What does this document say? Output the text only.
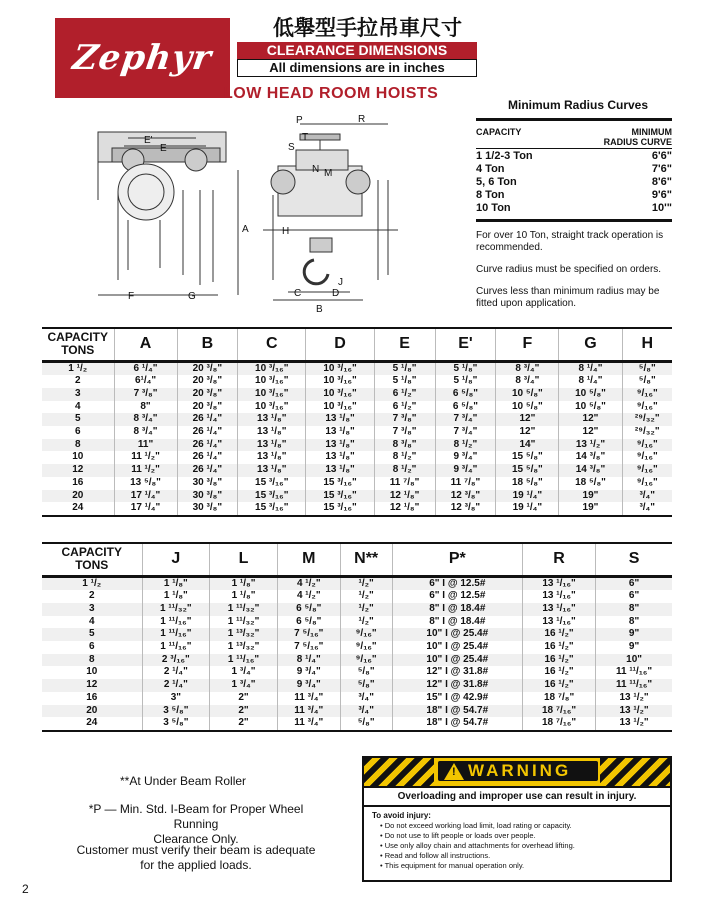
Zephyr
低舉型手拉吊車尺寸
CLEARANCE DIMENSIONS
All dimensions are in inches
LOW HEAD ROOM HOISTS
E'
E
A
F	G
P	R
T
S
N M
H
J
C	D
B
Minimum Radius Curves
CAPACITY	MINIMUM
RADIUS CURVE
1 1/2-3 Ton	6'6"
4 Ton	7'6"
5, 6 Ton	8'6"
8 Ton	9'6"
10 Ton	10'"

For over 10 Ton, straight track operation is recommended.

Curve radius must be specified on orders.

Curves less than minimum radius may be fitted upon application.

CAPACITY
TONS	A	B	C	D	E	E'	F	G	H
1 ¹/₂	6 ¹/₄"	20 ³/₈"	10 ³/₁₆"	10 ³/₁₆"	5 ¹/₈"	5 ¹/₈"	8 ³/₄"	8 ¹/₄"	⁵/₈"
2	6¹/₄"	20 ³/₈"	10 ³/₁₆"	10 ³/₁₆"	5 ¹/₈"	5 ¹/₈"	8 ³/₄"	8 ¹/₄"	⁵/₈"
3	7 ³/₈"	20 ³/₈"	10 ³/₁₆"	10 ³/₁₆"	6 ¹/₂"	6 ⁵/₈"	10 ⁵/₈"	10 ⁵/₈"	⁹/₁₆"
4	8"	20 ³/₈"	10 ³/₁₆"	10 ³/₁₆"	6 ¹/₂"	6 ⁵/₈"	10 ⁵/₈"	10 ⁵/₈"	⁹/₁₆"
5	8 ³/₄"	26 ¹/₄"	13 ¹/₈"	13 ¹/₈"	7 ³/₈"	7 ³/₄"	12"	12"	²⁹/₃₂"
6	8 ³/₄"	26 ¹/₄"	13 ¹/₈"	13 ¹/₈"	7 ³/₈"	7 ³/₄"	12"	12"	²⁹/₃₂"
8	11"	26 ¹/₄"	13 ¹/₈"	13 ¹/₈"	8 ³/₈"	8 ¹/₂"	14"	13 ¹/₂"	⁹/₁₆"
10	11 ¹/₂"	26 ¹/₄"	13 ¹/₈"	13 ¹/₈"	8 ¹/₂"	9 ³/₄"	15 ⁵/₈"	14 ³/₈"	⁹/₁₆"
12	11 ¹/₂"	26 ¹/₄"	13 ¹/₈"	13 ¹/₈"	8 ¹/₂"	9 ³/₄"	15 ⁵/₈"	14 ³/₈"	⁹/₁₆"
16	13 ⁵/₈"	30 ³/₈"	15 ³/₁₆"	15 ³/₁₆"	11 ⁷/₈"	11 ⁷/₈"	18 ⁵/₈"	18 ⁵/₈"	⁹/₁₆"
20	17 ¹/₄"	30 ³/₈"	15 ³/₁₆"	15 ³/₁₆"	12 ¹/₈"	12 ³/₈"	19 ¹/₄"	19"	³/₄"
24	17 ¹/₄"	30 ³/₈"	15 ³/₁₆"	15 ³/₁₆"	12 ¹/₈"	12 ³/₈"	19 ¹/₄"	19"	³/₄"
CAPACITY
TONS	J	L	M	N**	P*	R	S
1 ¹/₂	1 ¹/₈"	1 ¹/₈"	4 ¹/₂"	¹/₂"	6" I @ 12.5#	13 ¹/₁₆"	6"
2	1 ¹/₈"	1 ¹/₈"	4 ¹/₂"	¹/₂"	6" I @ 12.5#	13 ¹/₁₆"	6"
3	1 ¹¹/₃₂"	1 ¹¹/₃₂"	6 ⁵/₈"	¹/₂"	8" I @ 18.4#	13 ¹/₁₆"	8"
4	1 ¹¹/₁₆"	1 ¹¹/₃₂"	6 ⁵/₈"	¹/₂"	8" I @ 18.4#	13 ¹/₁₆"	8"
5	1 ¹¹/₁₆"	1 ¹³/₃₂"	7 ⁵/₁₆"	⁹/₁₆"	10" I @ 25.4#	16 ¹/₂"	9"
6	1 ¹¹/₁₆"	1 ¹³/₃₂"	7 ⁵/₁₆"	⁹/₁₆"	10" I @ 25.4#	16 ¹/₂"	9"
8	2 ³/₁₆"	1 ¹¹/₁₆"	8 ¹/₄"	⁹/₁₆"	10" I @ 25.4#	16 ¹/₂"	10"
10	2 ¹/₄"	1 ³/₄"	9 ³/₄"	⁵/₈"	12" I @ 31.8#	16 ¹/₂"	11 ¹¹/₁₆"
12	2 ¹/₄"	1 ³/₄"	9 ³/₄"	⁵/₈"	12" I @ 31.8#	16 ¹/₂"	11 ¹¹/₁₆"
16	3"	2"	11 ³/₄"	³/₄"	15" I @ 42.9#	18 ⁷/₈"	13 ¹/₂"
20	3 ⁵/₈"	2"	11 ³/₄"	³/₄"	18" I @ 54.7#	18 ⁷/₁₆"	13 ¹/₂"
24	3 ⁵/₈"	2"	11 ³/₄"	⁵/₈"	18" I @ 54.7#	18 ⁷/₁₆"	13 ¹/₂"
**At Under Beam Roller
*P — Min. Std. I-Beam for Proper Wheel Running
Clearance Only.
Customer must verify their beam is adequate
for the applied loads.
! WARNING
Overloading and improper use can result in injury.
To avoid injury:
• Do not exceed working load limit, load rating or capacity.
• Do not use to lift people or loads over people.
• Use only alloy chain and attachments for overhead lifting.
• Read and follow all instructions.
• This equipment for manual operation only.
2
